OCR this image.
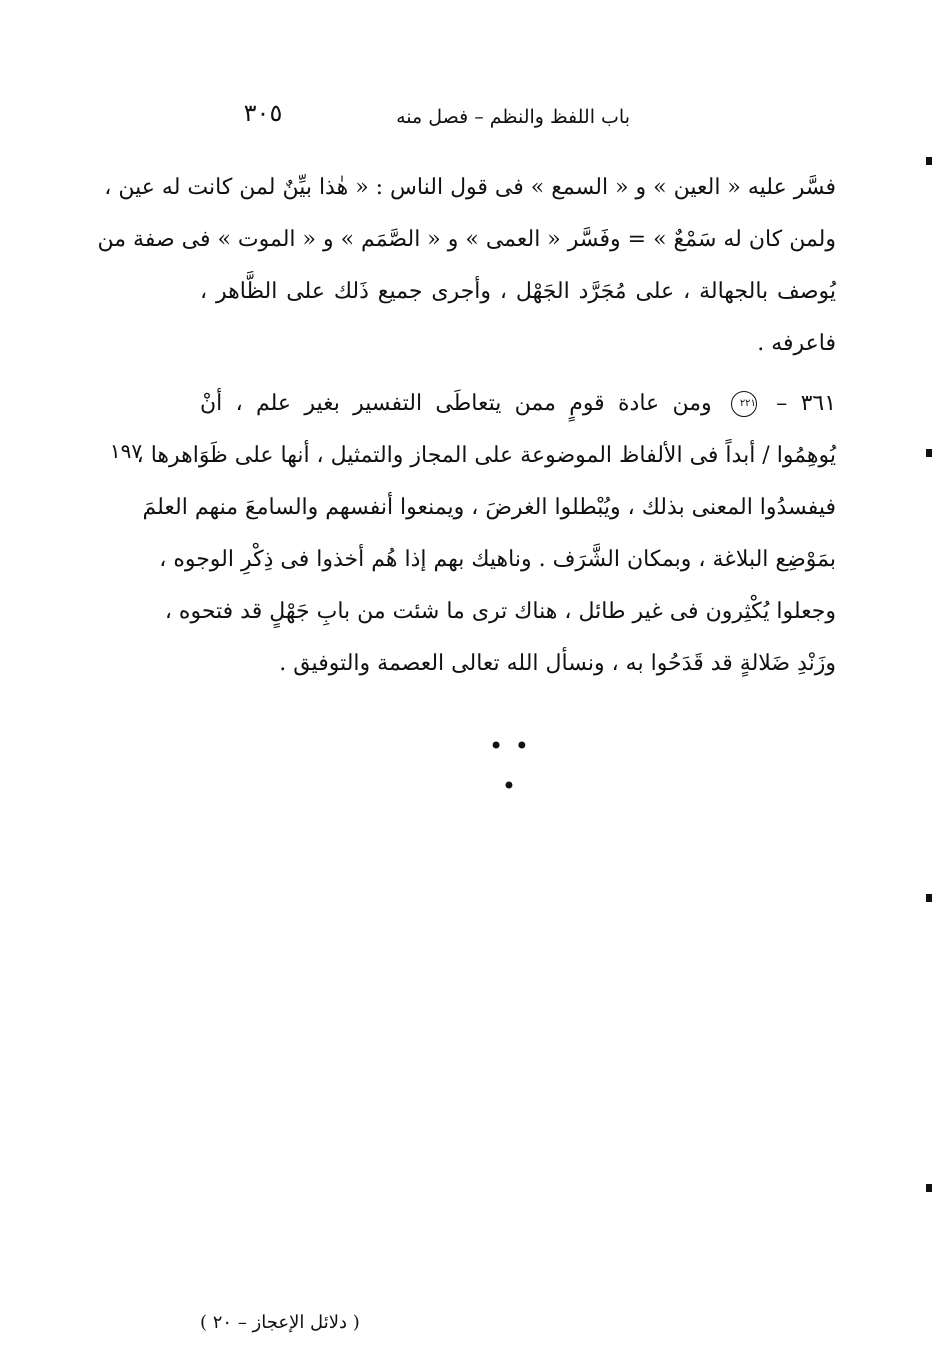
باب اللفظ والنظم – فصل منه
٣٠٥
فسَّر عليه « العين » و « السمع » فى قول الناس : « هٰذا بيِّنٌ لمن كانت له عين ،
ولمن كان له سَمْعٌ » = وفَسَّر « العمى » و « الصَّمَم » و « الموت » فى صفة من
يُوصف بالجهالة ، على مُجَرَّد الجَهْل ، وأجرى جميع ذَلك على الظَّاهر ،
فاعرفه .
٣٦١ – ٢٢١ ومن عادة قومٍ ممن يتعاطَى التفسير بغير علم ، أنْ
يُوهِمُوا / أبداً فى الألفاظ الموضوعة على المجاز والتمثيل ، أنها على ظَوَاهرها ،
فيفسدُوا المعنى بذلك ، ويُبْطلوا الغرضَ ، ويمنعوا أنفسهم والسامعَ منهم العلمَ
بمَوْضِع البلاغة ، وبمكان الشَّرَف . وناهيك بهم إذا هُم أخذوا فى ذِكْرِ الوجوه ،
وجعلوا يُكْثِرون فى غير طائل ، هناك ترى ما شئت من بابِ جَهْلٍ قد فتحوه ،
وزَنْدِ ضَلالةٍ قد قَدَحُوا به ، ونسأل الله تعالى العصمة والتوفيق .
١٩٧
• • •
( دلائل الإعجاز – ٢٠ )
